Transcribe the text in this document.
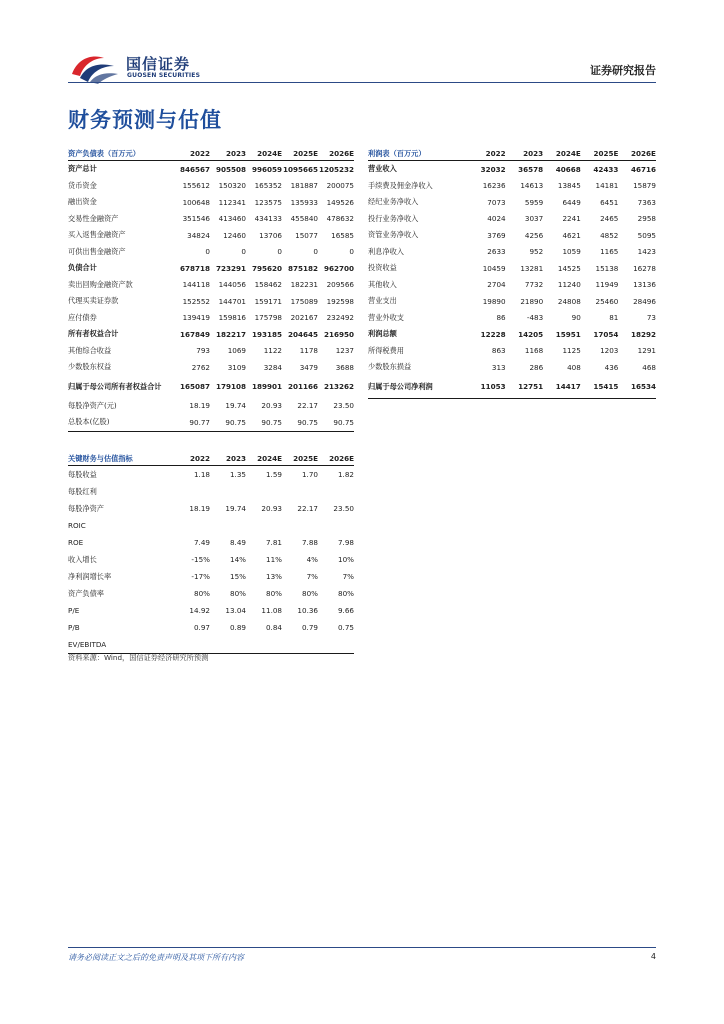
国信证券
GUOSEN SECURITIES	证券研究报告
财务预测与估值
资产负债表（百万元）	2022	2023	2024E	2025E	2026E
资产总计	846567 905508 996059 1095665 1205232
货币资金	155612	150320	165352	181887	200075
融出资金	100648	112341	123575	135933	149526
交易性金融资产	351546	413460	434133	455840	478632
买入返售金融资产	34824	12460	13706	15077	16585
可供出售金融资产	0	0	0	0	0
负债合计	678718 723291 795620 875182 962700
卖出回购金融资产款	144118	144056	158462	182231	209566
代理买卖证券款	152552	144701	159171	175089	192598
应付债券	139419	159816	175798	202167	232492
所有者权益合计	167849 182217 193185 204645 216950
其他综合收益	793	1069	1122	1178	1237
少数股东权益	2762	3109	3284	3479	3688
归属于母公司所有者权益合计	165087 179108 189901 201166 213262
每股净资产(元)	18.19	19.74	20.93	22.17	23.50
总股本(亿股)	90.77	90.75	90.75	90.75	90.75
利润表（百万元）	2022	2023	2024E	2025E	2026E
营业收入	32032	36578	40668	42433	46716
手续费及佣金净收入	16236	14613	13845	14181	15879
经纪业务净收入	7073	5959	6449	6451	7363
投行业务净收入	4024	3037	2241	2465	2958
资管业务净收入	3769	4256	4621	4852	5095
利息净收入	2633	952	1059	1165	1423
投资收益	10459	13281	14525	15138	16278
其他收入	2704	7732	11240	11949	13136
营业支出	19890	21890	24808	25460	28496
营业外收支	86	-483	90	81	73
利润总额	12228	14205	15951	17054	18292
所得税费用	863	1168	1125	1203	1291
少数股东损益	313	286	408	436	468
归属于母公司净利润	11053	12751	14417	15415	16534
关键财务与估值指标	2022	2023	2024E	2025E	2026E
每股收益	1.18	1.35	1.59	1.70	1.82
每股红利
每股净资产	18.19	19.74	20.93	22.17	23.50
ROIC
ROE	7.49	8.49	7.81	7.88	7.98
收入增长	-15%	14%	11%	4%	10%
净利润增长率	-17%	15%	13%	7%	7%
资产负债率	80%	80%	80%	80%	80%
P/E	14.92	13.04	11.08	10.36	9.66
P/B	0.97	0.89	0.84	0.79	0.75
EV/EBITDA
资料来源：Wind，国信证券经济研究所预测
请务必阅读正文之后的免责声明及其项下所有内容	4
